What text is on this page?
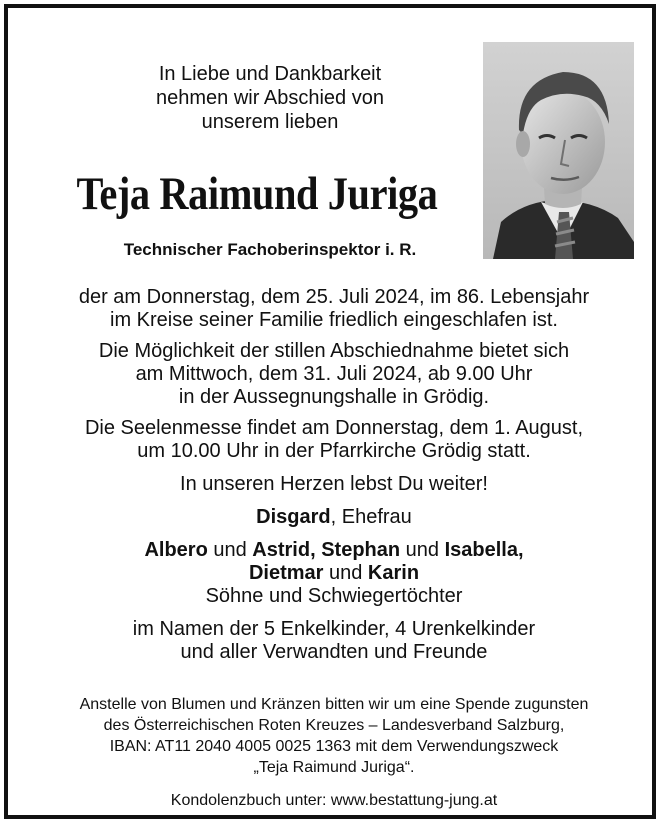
In Liebe und Dankbarkeit
nehmen wir Abschied von
unserem lieben
Teja Raimund Juriga
Technischer Fachoberinspektor i. R.
der am Donnerstag, dem 25. Juli 2024, im 86. Lebensjahr
im Kreise seiner Familie friedlich eingeschlafen ist.
Die Möglichkeit der stillen Abschiednahme bietet sich
am Mittwoch, dem 31. Juli 2024, ab 9.00 Uhr
in der Aussegnungshalle in Grödig.
Die Seelenmesse findet am Donnerstag, dem 1. August,
um 10.00 Uhr in der Pfarrkirche Grödig statt.
In unseren Herzen lebst Du weiter!
Disgard, Ehefrau
Albero und Astrid, Stephan und Isabella,
Dietmar und Karin
Söhne und Schwiegertöchter
im Namen der 5 Enkelkinder, 4 Urenkelkinder
und aller Verwandten und Freunde
Anstelle von Blumen und Kränzen bitten wir um eine Spende zugunsten
des Österreichischen Roten Kreuzes – Landesverband Salzburg,
IBAN: AT11 2040 4005 0025 1363 mit dem Verwendungszweck
„Teja Raimund Juriga“.
Kondolenzbuch unter: www.bestattung-jung.at
